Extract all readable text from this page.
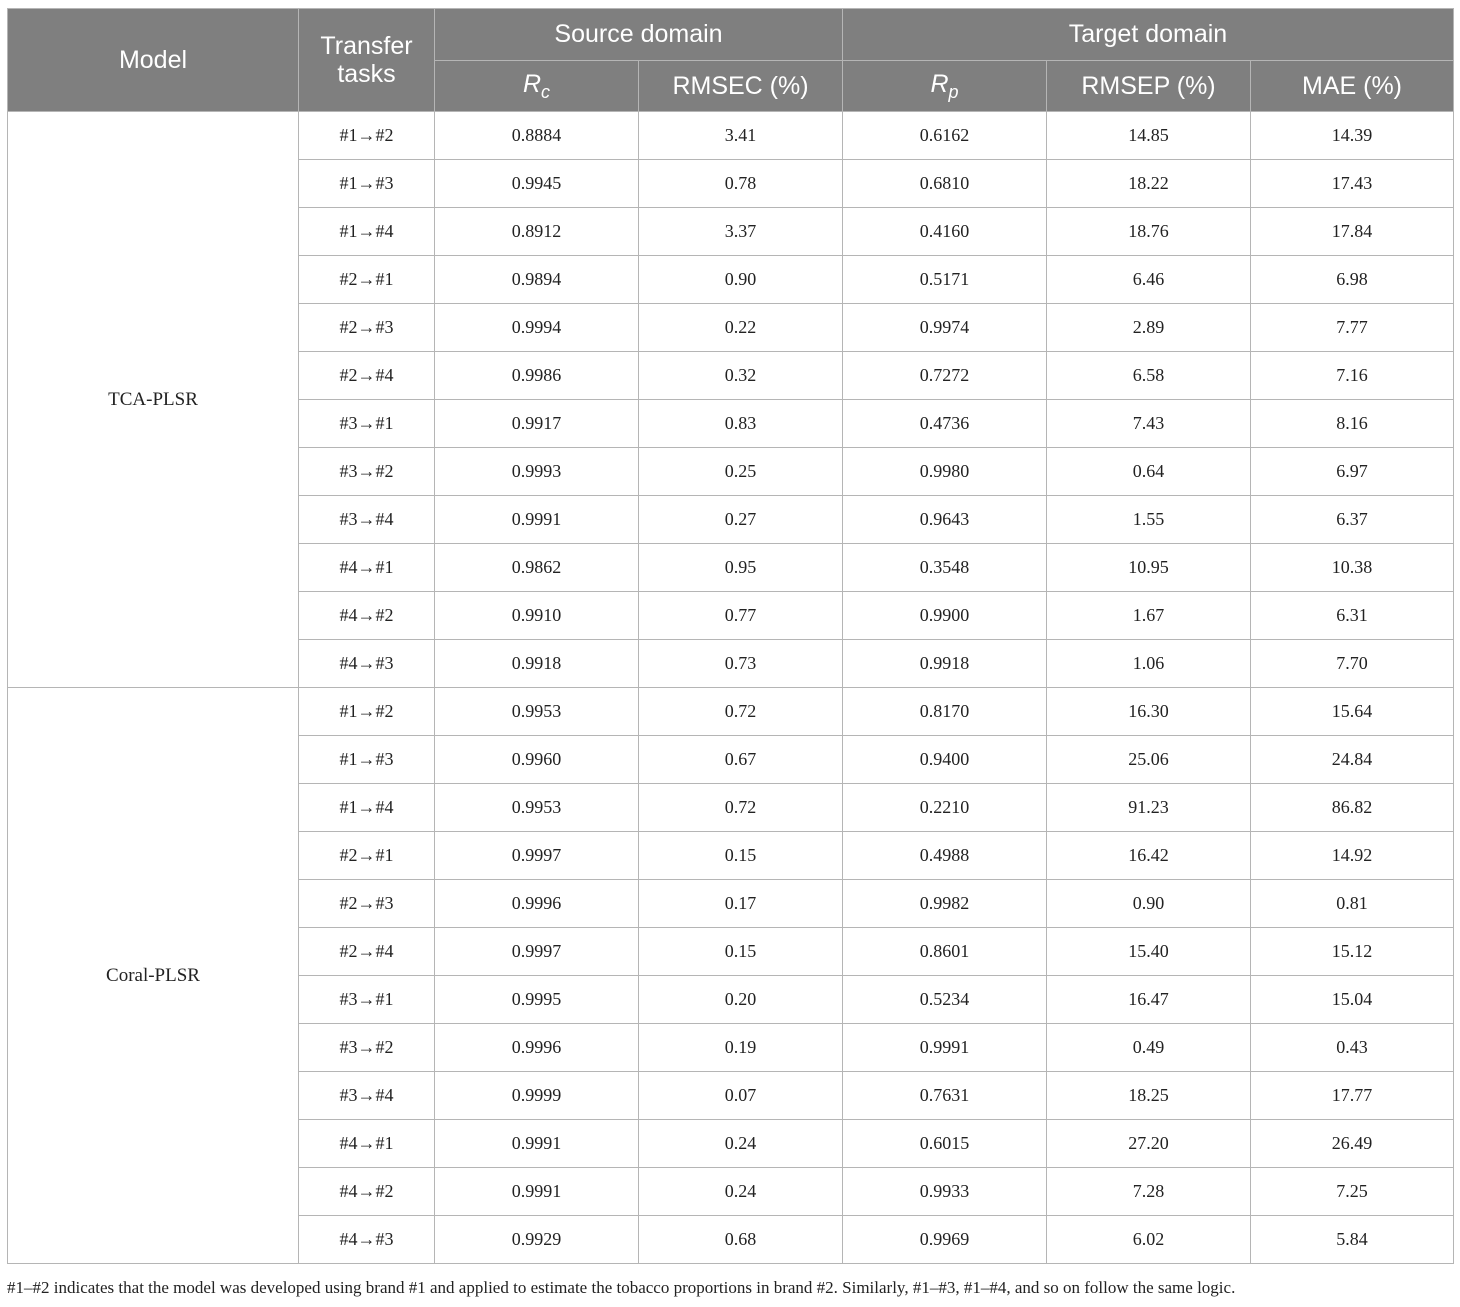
Model	Transfer tasks	Source domain		Target domain		
		$R_c$	RMSEC (%)	$R_p$	RMSEP (%)	MAE (%)
TCA-PLSR	#1→#2	0.8884	3.41	0.6162	14.85	14.39
	#1→#3	0.9945	0.78	0.6810	18.22	17.43
	#1→#4	0.8912	3.37	0.4160	18.76	17.84
	#2→#1	0.9894	0.90	0.5171	6.46	6.98
	#2→#3	0.9994	0.22	0.9974	2.89	7.77
	#2→#4	0.9986	0.32	0.7272	6.58	7.16
	#3→#1	0.9917	0.83	0.4736	7.43	8.16
	#3→#2	0.9993	0.25	0.9980	0.64	6.97
	#3→#4	0.9991	0.27	0.9643	1.55	6.37
	#4→#1	0.9862	0.95	0.3548	10.95	10.38
	#4→#2	0.9910	0.77	0.9900	1.67	6.31
	#4→#3	0.9918	0.73	0.9918	1.06	7.70
Coral-PLSR	#1→#2	0.9953	0.72	0.8170	16.30	15.64
	#1→#3	0.9960	0.67	0.9400	25.06	24.84
	#1→#4	0.9953	0.72	0.2210	91.23	86.82
	#2→#1	0.9997	0.15	0.4988	16.42	14.92
	#2→#3	0.9996	0.17	0.9982	0.90	0.81
	#2→#4	0.9997	0.15	0.8601	15.40	15.12
	#3→#1	0.9995	0.20	0.5234	16.47	15.04
	#3→#2	0.9996	0.19	0.9991	0.49	0.43
	#3→#4	0.9999	0.07	0.7631	18.25	17.77
	#4→#1	0.9991	0.24	0.6015	27.20	26.49
	#4→#2	0.9991	0.24	0.9933	7.28	7.25
	#4→#3	0.9929	0.68	0.9969	6.02	5.84
#1–#2 indicates that the model was developed using brand #1 and applied to estimate the tobacco proportions in brand #2. Similarly, #1–#3, #1–#4, and so on follow the same logic.
